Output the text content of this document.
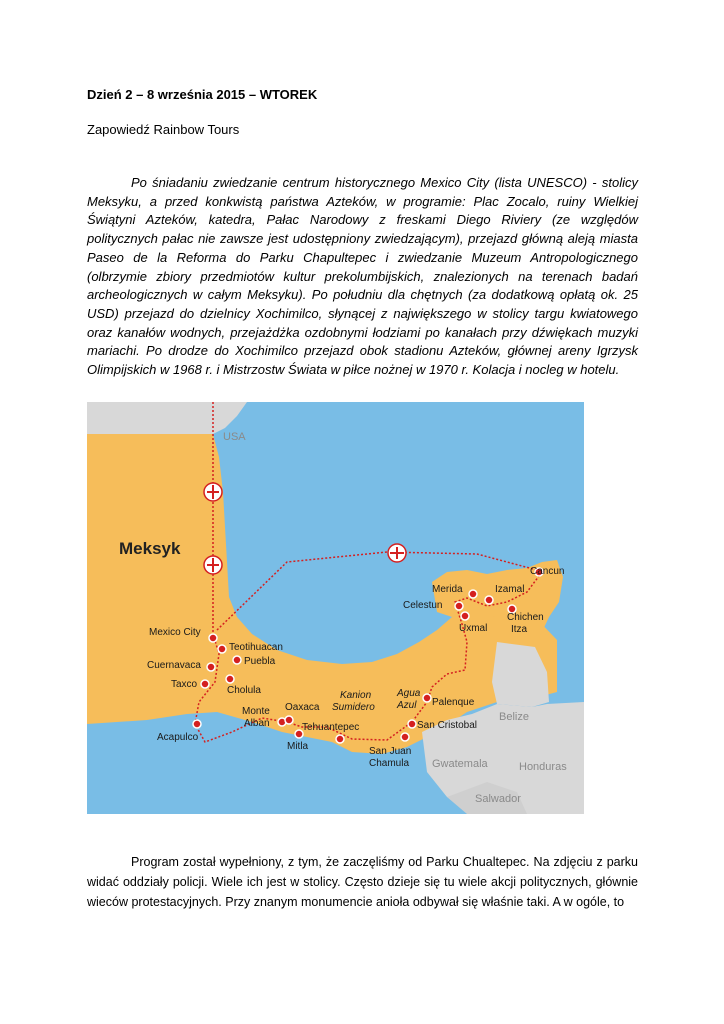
Dzień 2 – 8 września 2015 – WTOREK
Zapowiedź Rainbow Tours

Po śniadaniu zwiedzanie centrum historycznego Mexico City (lista UNESCO) - stolicy Meksyku, a przed konkwistą państwa Azteków, w programie: Plac Zocalo, ruiny Wielkiej Świątyni Azteków, katedra, Pałac Narodowy z freskami Diego Riviery (ze względów politycznych pałac nie zawsze jest udostępniony zwiedzającym), przejazd główną aleją miasta Paseo de la Reforma do Parku Chapultepec i zwiedzanie Muzeum Antropologicznego (olbrzymie zbiory przedmiotów kultur prekolumbijskich, znalezionych na terenach badań archeologicznych w całym Meksyku). Po południu dla chętnych (za dodatkową opłatą ok. 25 USD) przejazd do dzielnicy Xochimilco, słynącej z największego w stolicy targu kwiatowego oraz kanałów wodnych, przejażdżka ozdobnymi łodziami po kanałach przy dźwiękach muzyki mariachi. Po drodze do Xochimilco przejazd obok stadionu Azteków, głównej areny Igrzysk Olimpijskich w 1968 r. i Mistrzostw Świata w piłce nożnej w 1970 r. Kolacja i nocleg w hotelu.

USA
Meksyk
Belize
Gwatemala	Honduras
Salwador
Cancun
Merida	Izamal
Celestun
Chichen
Itza
Uxmal
Mexico City
Teotihuacan
Puebla
Cuernavaca
Taxco
Cholula
Acapulco
Monte
Alban
Oaxaca
Mitla
Tehuantepec
Kanion
Sumidero
Agua
Azul Palenque
San Cristobal
San Juan
Chamula

Program został wypełniony, z tym, że zaczęliśmy od Parku Chualtepec. Na zdjęciu z parku widać oddziały policji. Wiele ich jest w stolicy. Często dzieje się tu wiele akcji politycznych, głównie wieców protestacyjnych. Przy znanym monumencie anioła odbywał się właśnie taki. A w ogóle, to
